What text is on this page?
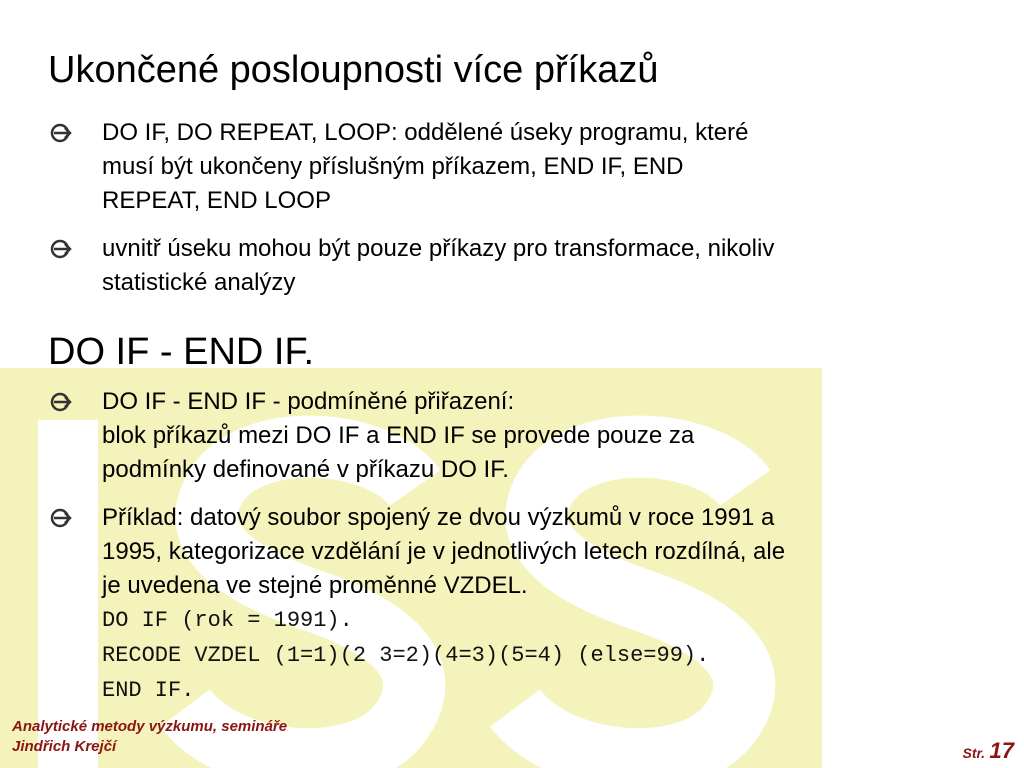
Ukončené posloupnosti více příkazů
DO IF, DO REPEAT, LOOP: oddělené úseky programu, které
musí být ukončeny příslušným příkazem, END IF, END
REPEAT, END LOOP
uvnitř úseku mohou být pouze příkazy pro transformace, nikoliv
statistické analýzy
DO IF - END IF.
DO IF - END IF - podmíněné přiřazení:
blok příkazů mezi DO IF a END IF se provede pouze za
podmínky definované v příkazu DO IF.
Příklad: datový soubor spojený ze dvou výzkumů v roce 1991 a
1995, kategorizace vzdělání je v jednotlivých letech rozdílná, ale
je uvedena ve stejné proměnné VZDEL.
DO IF (rok = 1991).
RECODE VZDEL (1=1)(2 3=2)(4=3)(5=4) (else=99).
END IF.
Analytické metody výzkumu, semináře
Jindřich Krejčí	Str. 17
